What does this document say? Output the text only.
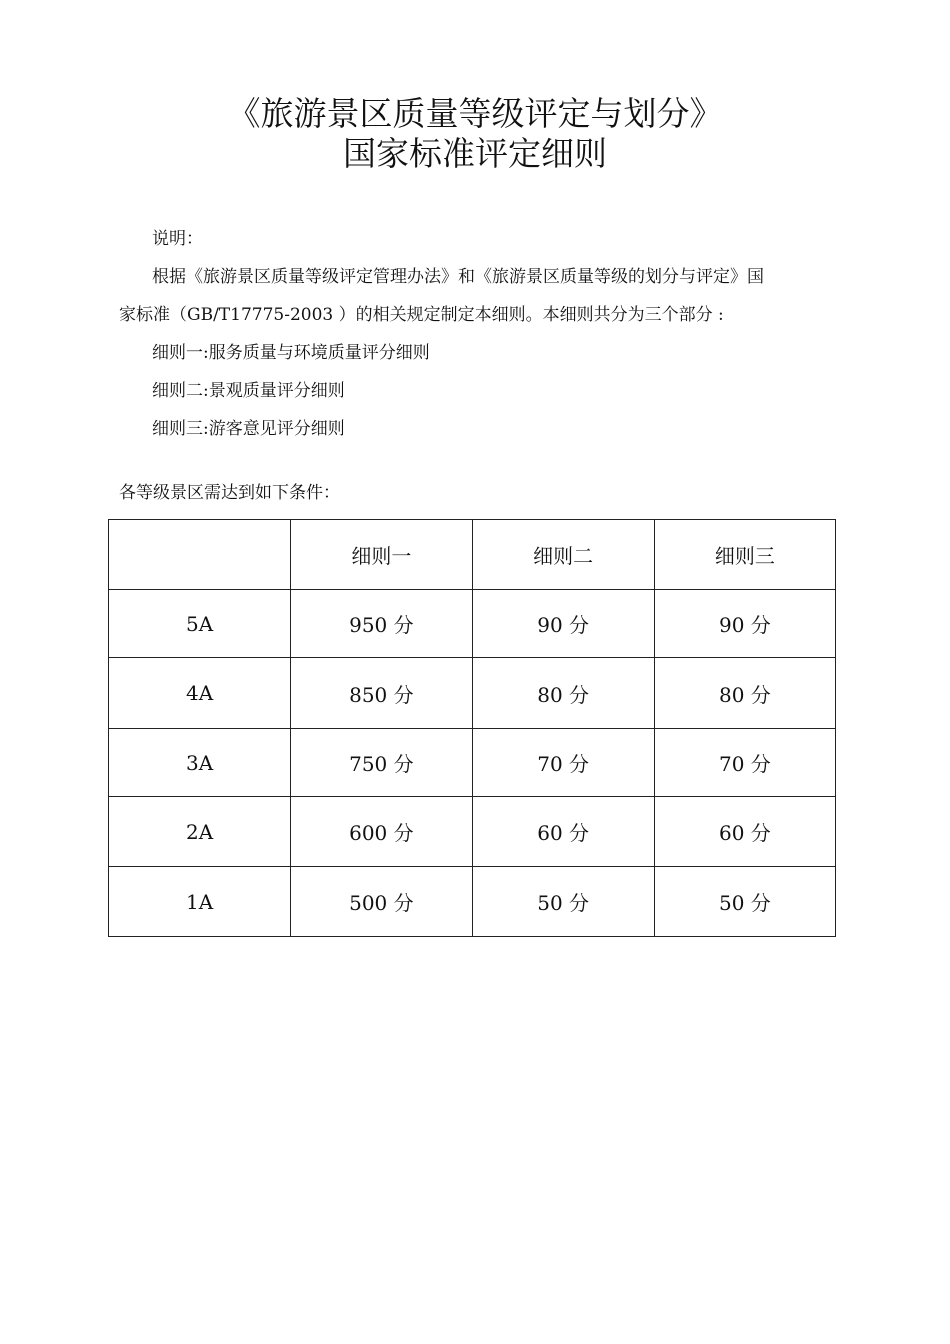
《旅游景区质量等级评定与划分》
国家标准评定细则
说明：
根据《旅游景区质量等级评定管理办法》和《旅游景区质量等级的划分与评定》国
家标准（GB/T17775-2003 ）的相关规定制定本细则。本细则共分为三个部分 :
细则一:服务质量与环境质量评分细则
细则二:景观质量评分细则
细则三:游客意见评分细则
各等级景区需达到如下条件：
	细则一	细则二	细则三
5A	950 分	90 分	90 分
4A	850 分	80 分	80 分
3A	750 分	70 分	70 分
2A	600 分	60 分	60 分
1A	500 分	50 分	50 分
